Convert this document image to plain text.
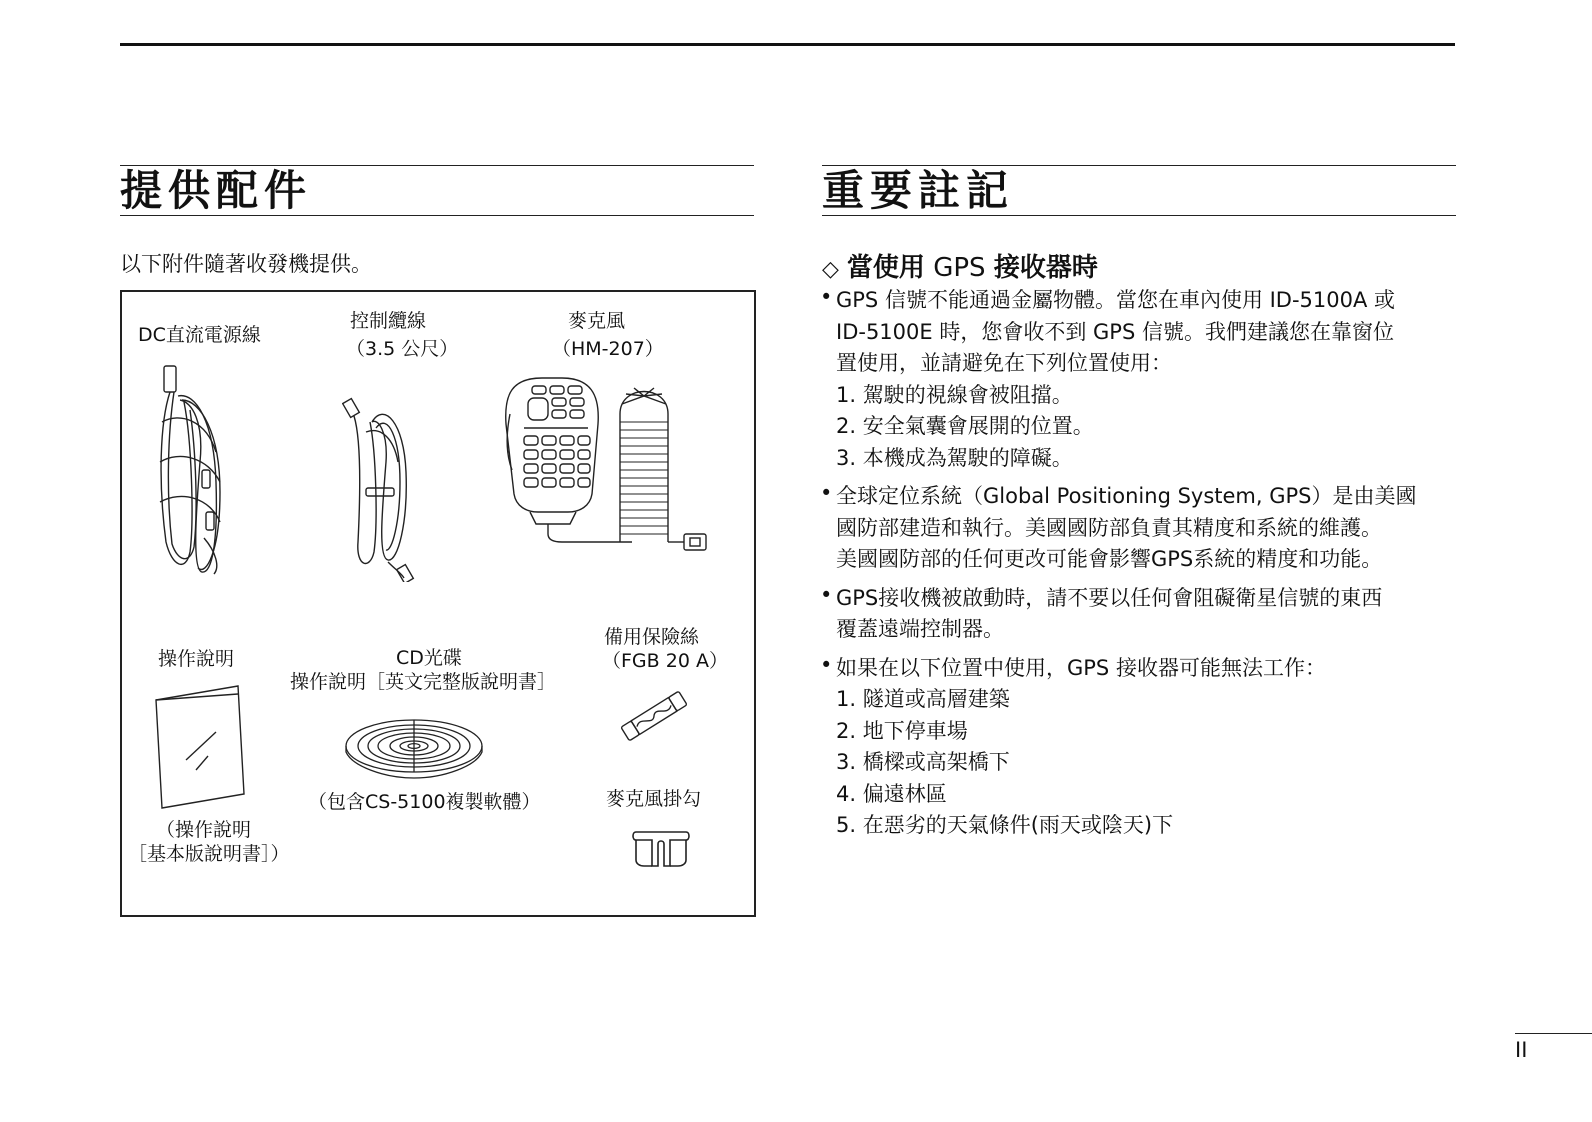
提供配件
以下附件隨著收發機提供。
DC直流電源線
控制纜線
（3.5 公尺）
麥克風
（HM-207）
操作說明	CD光碟
操作說明［英文完整版說明書］
備用保險絲
（FGB 20 A）
（包含CS-5100複製軟體）	麥克風掛勾
（操作說明
［基本版說明書］）
重要註記
◇ 當使用 GPS 接收器時
• GPS 信號不能通過金屬物體。當您在車內使用 ID-5100A 或
ID-5100E 時，您會收不到 GPS 信號。我們建議您在靠窗位
置使用，並請避免在下列位置使用：
1. 駕駛的視線會被阻擋。
2. 安全氣囊會展開的位置。
3. 本機成為駕駛的障礙。
• 全球定位系統（Global Positioning System, GPS）是由美國
國防部建造和執行。美國國防部負責其精度和系統的維護。
美國國防部的任何更改可能會影響GPS系統的精度和功能。
• GPS接收機被啟動時，請不要以任何會阻礙衛星信號的東西
覆蓋遠端控制器。
• 如果在以下位置中使用，GPS 接收器可能無法工作：
1. 隧道或高層建築
2. 地下停車場
3. 橋樑或高架橋下
4. 偏遠林區
5. 在惡劣的天氣條件(雨天或陰天)下
II
